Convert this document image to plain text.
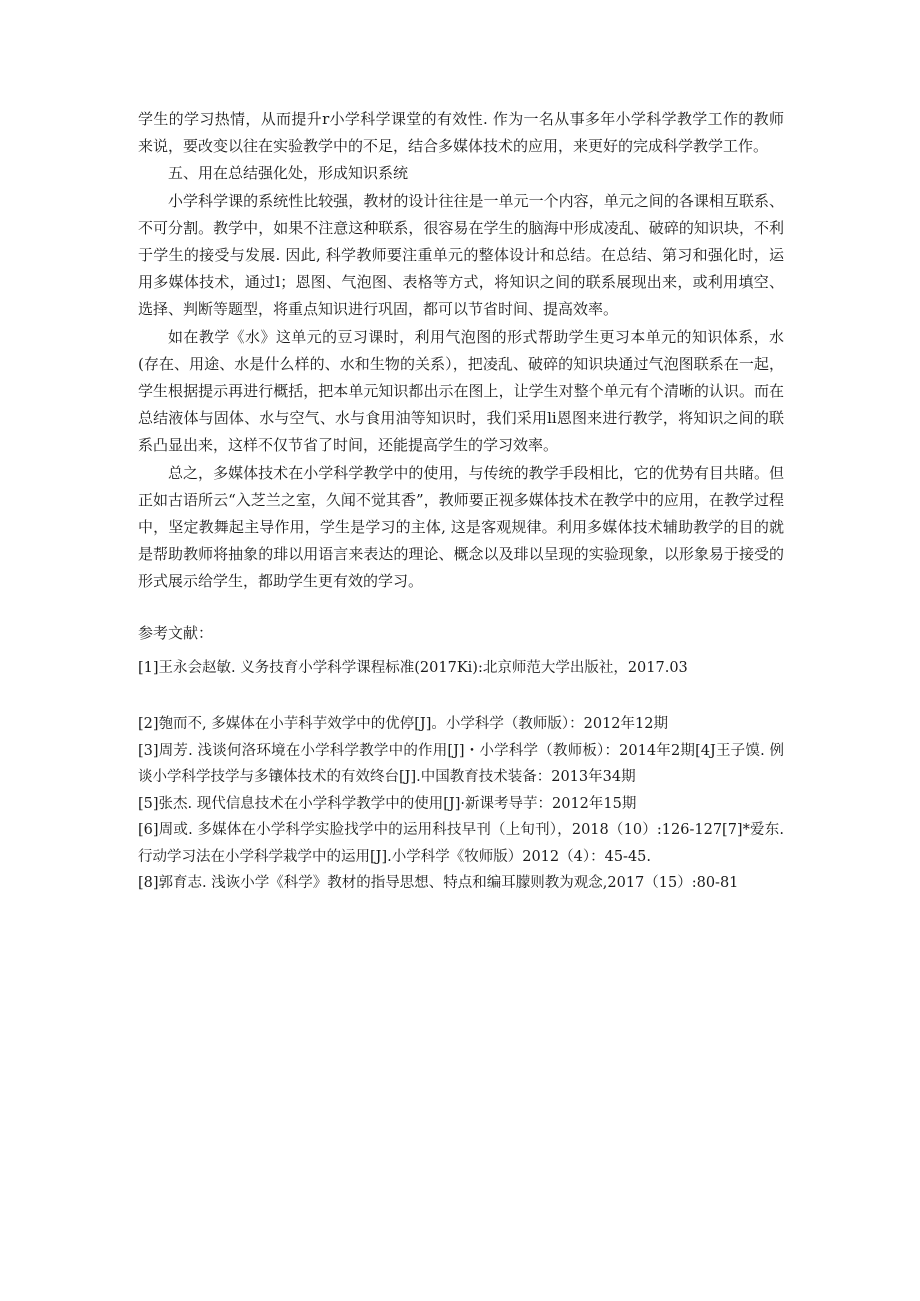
学生的学习热情，从而提升r小学科学课堂的有效性. 作为一名从事多年小学科学教学工作的教师来说，要改变以往在实验教学中的不足，结合多媒体技术的应用，来更好的完成科学教学工作。

五、用在总结强化处，形成知识系统

小学科学课的系统性比较强，教材的设计往往是一单元一个内容，单元之间的各课相互联系、不可分割。教学中，如果不注意这种联系，很容易在学生的脑海中形成凌乱、破碎的知识块，不利于学生的接受与发展. 因此, 科学教师要注重单元的整体设计和总结。在总结、第习和强化时，运用多媒体技术，通过l；恩图、气泡图、表格等方式，将知识之间的联系展现出来，或利用填空、选择、判断等题型，将重点知识进行巩固，都可以节省时间、提高效率。

如在教学《水》这单元的豆习课时，利用气泡图的形式帮助学生更习本单元的知识体系，水(存在、用途、水是什么样的、水和生物的关系），把凌乱、破碎的知识块通过气泡图联系在一起，学生根据提示再进行概括，把本单元知识都出示在图上，让学生对整个单元有个清晰的认识。而在总结液体与固体、水与空气、水与食用油等知识时，我们采用li恩图来进行教学，将知识之间的联系凸显出来，这样不仅节省了时间，还能提高学生的学习效率。

总之，多媒体技术在小学科学教学中的使用，与传统的教学手段相比，它的优势有目共睹。但正如古语所云“入芝兰之室，久闻不觉其香”，教师要正视多媒体技术在教学中的应用，在教学过程中，坚定教舞起主导作用，学生是学习的主体, 这是客观规律。利用多媒体技术辅助教学的目的就是帮助教师将抽象的琲以用语言来表达的理论、概念以及琲以呈现的实验现象，以形象易于接受的形式展示给学生，都助学生更有效的学习。

参考文献：

[1]王永会赵敏. 义务技育小学科学课程标准(2017Ki):北京师范大学出版社，2017.03

[2]匏而不, 多媒体在小芋科芋效学中的优停[J]。小学科学（教师版）：2012年12期

[3]周芳. 浅谈何洛环境在小学科学教学中的作用[J]・小学科学（教师板）：2014年2期[4J王子馍. 例谈小学科学技学与多镶体技术的有效终台[J].中国教育技术装备：2013年34期

[5]张杰. 现代信息技术在小学科学教学中的使用[J]·新课考导芋：2012年15期

[6]周或. 多媒体在小学科学实脸找学中的运用科技早刊（上旬刊），2018（10）:126-127[7]*爱东. 行动学习法在小学科学栽学中的运用[J].小学科学《牧师版）2012（4）：45-45.

[8]郭育志. 浅诙小学《科学》教材的指导思想、特点和编耳朦则教为观念,2017（15）:80-81
